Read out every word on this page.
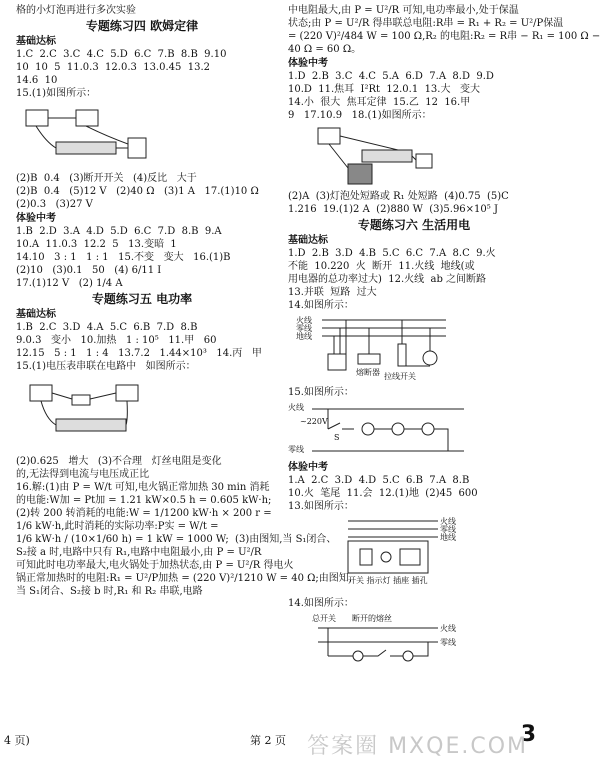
格的小灯泡再进行多次实验
专题练习四 欧姆定律
基础达标
1.C  2.C  3.C  4.C  5.D  6.C  7.B  8.B  9.10
10  10  5  11.0.3  12.0.3  13.0.45  13.2
14.6  10
15.(1)如图所示：
(2)B  0.4   (3)断开开关   (4)反比   大于
(2)B  0.4   (5)12 V   (2)40 Ω   (3)1 A   17.(1)10 Ω
(2)0.3   (3)27 V
体验中考
1.B  2.D  3.A  4.D  5.D  6.C  7.D  8.B  9.A
10.A  11.0.3  12.2  5   13.变暗  1
14.10   3 : 1   1 : 1   15.不变   变大   16.(1)B
(2)10   (3)0.1   50   (4) 6/11 I
17.(1)12 V   (2) 1/4 A
专题练习五 电功率
基础达标
1.B  2.C  3.D  4.A  5.C  6.B  7.D  8.B
9.0.3   变小   10.加热   1 : 10⁵   11.甲   60
12.15   5 : 1   1 : 4   13.7.2   1.44×10³   14.丙   甲
15.(1)电压表串联在电路中   如图所示：
(2)0.625   增大   (3)不合理   灯丝电阻是变化
的,无法得到电流与电压成正比
16.解:(1)由 P = W/t 可知,电火锅正常加热 30 min 消耗
的电能:W加 = Pt加 = 1.21 kW×0.5 h = 0.605 kW·h;
(2)转 200 转消耗的电能:W = 1/1200 kW·h × 200 r =
1/6 kW·h,此时消耗的实际功率:P实 = W/t =
1/6 kW·h / (10×1/60 h) = 1 kW = 1000 W;  (3)由图知,当 S₁闭合、
S₂接 a 时,电路中只有 R₁,电路中电阻最小,由 P = U²/R
可知此时电功率最大,电火锅处于加热状态,由 P = U²/R 得电火
锅正常加热时的电阻:R₁ = U²/P加热 = (220 V)²/1210 W = 40 Ω;由图知,
当 S₁闭合、S₂接 b 时,R₁ 和 R₂ 串联,电路
中电阻最大,由 P = U²/R 可知,电功率最小,处于保温
状态;由 P = U²/R 得串联总电阻:R串 = R₁ + R₂ = U²/P保温
= (220 V)²/484 W = 100 Ω,R₂ 的电阻:R₂ = R串 − R₁ = 100 Ω −
40 Ω = 60 Ω。
体验中考
1.D  2.B  3.C  4.C  5.A  6.D  7.A  8.D  9.D
10.D  11.焦耳  I²Rt  12.0.1  13.大   变大
14.小  很大  焦耳定律  15.乙  12  16.甲
9   17.10.9   18.(1)如图所示：
(2)A  (3)灯泡处短路或 R₁ 处短路  (4)0.75  (5)C
1.216  19.(1)2 A  (2)880 W  (3)5.96×10⁵ J
专题练习六 生活用电
基础达标
1.D  2.B  3.D  4.B  5.C  6.C  7.A  8.C  9.火
不能  10.220  火  断开  11.火线  地线(或
用电器的总功率过大)  12.火线  ab 之间断路
13.并联  短路  过大
14.如图所示：
火线
零线
地线
熔断器 拉线开关
15.如图所示：
火线
~220V
零线
S
体验中考
1.A  2.C  3.D  4.D  5.C  6.B  7.A  8.B
10.火  笔尾  11.会  12.(1)地  (2)45  600
13.如图所示：
火线
零线
地线
开关 指示灯 插座 插孔
14.如图所示：
总开关 断开的熔丝
火线
零线
4 页)	第 2 页	3
答案圈 MXQE.COM
